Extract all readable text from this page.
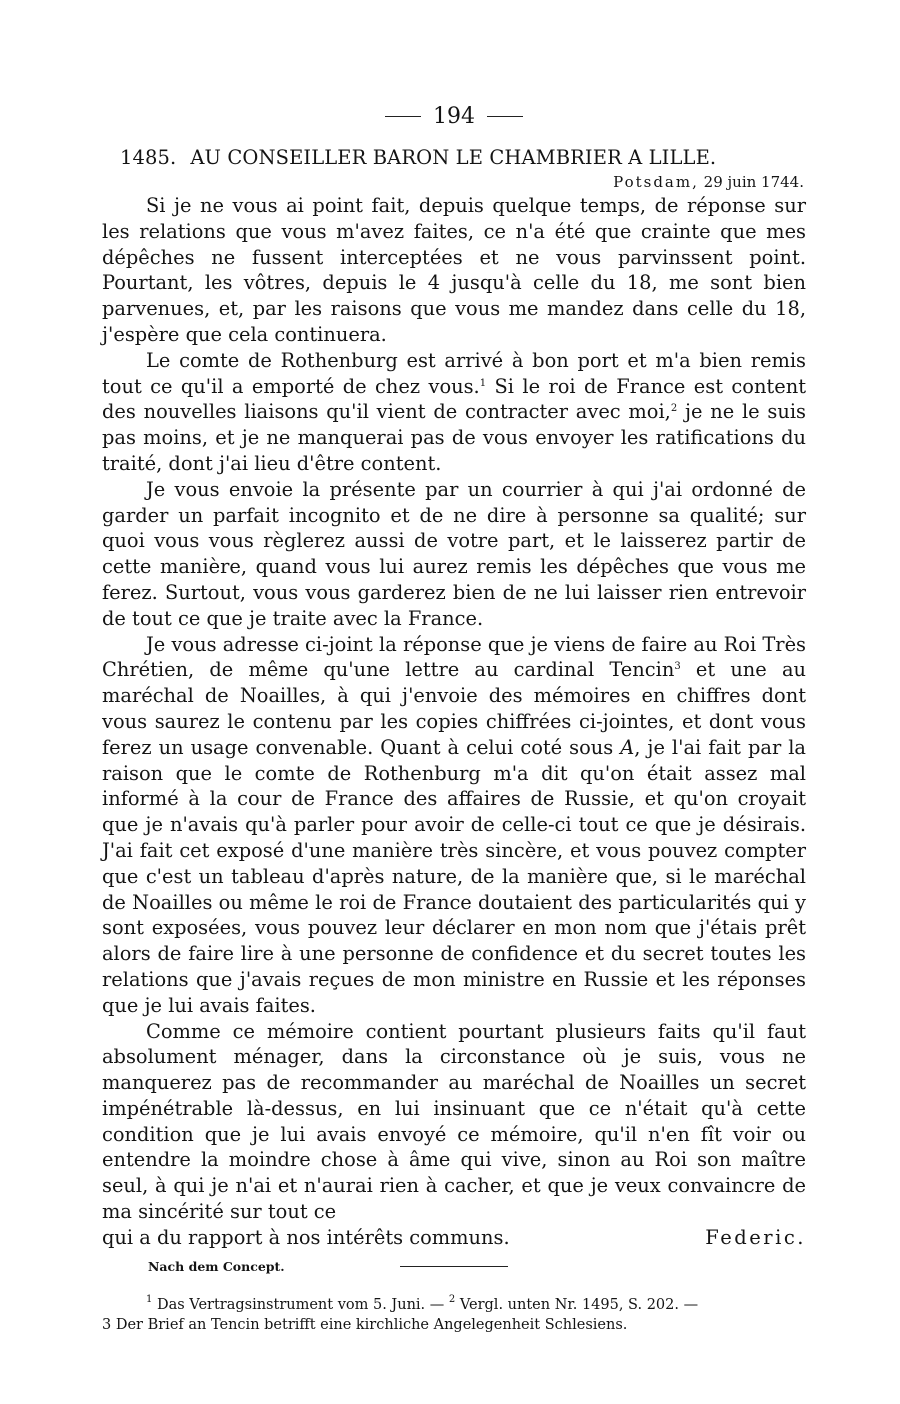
194
1485. AU CONSEILLER BARON LE CHAMBRIER A LILLE.
Potsdam, 29 juin 1744.

Si je ne vous ai point fait, depuis quelque temps, de réponse sur les relations que vous m'avez faites, ce n'a été que crainte que mes dépêches ne fussent interceptées et ne vous parvinssent point. Pourtant, les vôtres, depuis le 4 jusqu'à celle du 18, me sont bien parvenues, et, par les raisons que vous me mandez dans celle du 18, j'espère que cela continuera.

Le comte de Rothenburg est arrivé à bon port et m'a bien remis tout ce qu'il a emporté de chez vous.$^1$ Si le roi de France est content des nouvelles liaisons qu'il vient de contracter avec moi,$^2$ je ne le suis pas moins, et je ne manquerai pas de vous envoyer les ratifications du traité, dont j'ai lieu d'être content.

Je vous envoie la présente par un courrier à qui j'ai ordonné de garder un parfait incognito et de ne dire à personne sa qualité; sur quoi vous vous règlerez aussi de votre part, et le laisserez partir de cette manière, quand vous lui aurez remis les dépêches que vous me ferez. Surtout, vous vous garderez bien de ne lui laisser rien entrevoir de tout ce que je traite avec la France.

Je vous adresse ci-joint la réponse que je viens de faire au Roi Très Chrétien, de même qu'une lettre au cardinal Tencin$^3$ et une au maréchal de Noailles, à qui j'envoie des mémoires en chiffres dont vous saurez le contenu par les copies chiffrées ci-jointes, et dont vous ferez un usage convenable. Quant à celui coté sous A, je l'ai fait par la raison que le comte de Rothenburg m'a dit qu'on était assez mal informé à la cour de France des affaires de Russie, et qu'on croyait que je n'avais qu'à parler pour avoir de celle-ci tout ce que je désirais. J'ai fait cet exposé d'une manière très sincère, et vous pouvez compter que c'est un tableau d'après nature, de la manière que, si le maréchal de Noailles ou même le roi de France doutaient des particularités qui y sont exposées, vous pouvez leur déclarer en mon nom que j'étais prêt alors de faire lire à une personne de confidence et du secret toutes les relations que j'avais reçues de mon ministre en Russie et les réponses que je lui avais faites.

Comme ce mémoire contient pourtant plusieurs faits qu'il faut absolument ménager, dans la circonstance où je suis, vous ne manquerez pas de recommander au maréchal de Noailles un secret impénétrable là-dessus, en lui insinuant que ce n'était qu'à cette condition que je lui avais envoyé ce mémoire, qu'il n'en fît voir ou entendre la moindre chose à âme qui vive, sinon au Roi son maître seul, à qui je n'ai et n'aurai rien à cacher, et que je veux convaincre de ma sincérité sur tout ce

qui a du rapport à nos intérêts communs.	Federic.

Nach dem Concept.
$^1$ Das Vertragsinstrument vom 5. Juni. — $^2$ Vergl. unten Nr. 1495, S. 202. —
3 Der Brief an Tencin betrifft eine kirchliche Angelegenheit Schlesiens.
